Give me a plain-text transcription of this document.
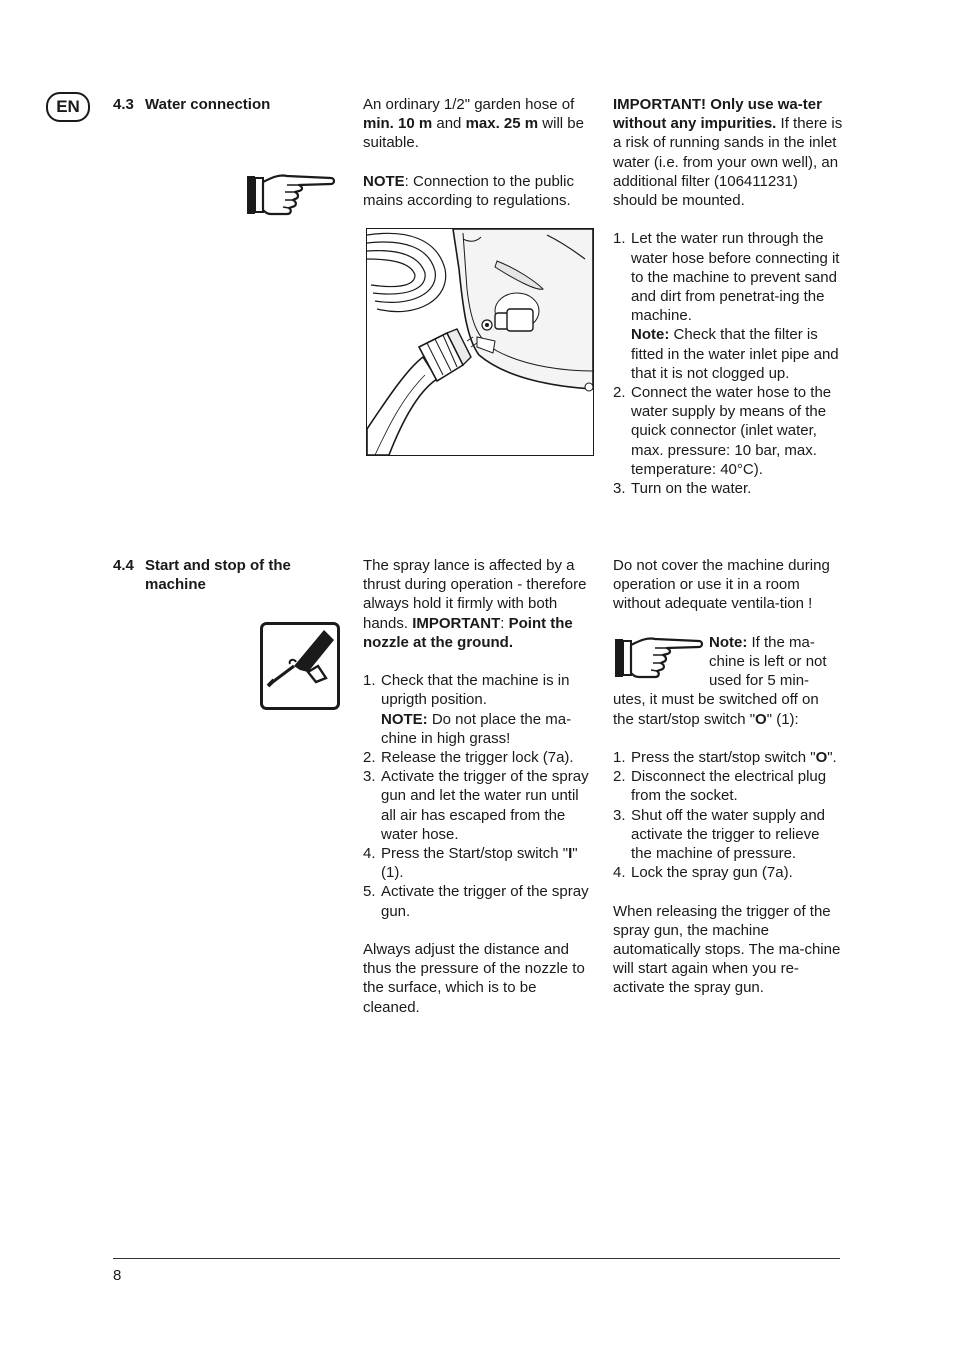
EN	4.3 Water connection	An ordinary 1/2" garden hose of min. 10 m and max. 25 m will be suitable.

NOTE: Connection to the public mains according to regulations.

IMPORTANT! Only use wa-ter without any impurities. If there is a risk of running sands in the inlet water (i.e. from your own well), an additional filter (106411231) should be mounted.

1. Let the water run through the water hose before connecting it to the machine to prevent sand and dirt from penetrat-ing the machine.
Note: Check that the filter is fitted in the water inlet pipe and that it is not clogged up.
2. Connect the water hose to the water supply by means of the quick connector (inlet water, max. pressure: 10 bar, max. temperature: 40°C).
3. Turn on the water.
4.4 Start and stop of the machine

The spray lance is affected by a thrust during operation - therefore always hold it firmly with both hands. IMPORTANT: Point the nozzle at the ground.

1. Check that the machine is in uprigth position.
NOTE: Do not place the ma-chine in high grass!
2. Release the trigger lock (7a).
3. Activate the trigger of the spray gun and let the water run until all air has escaped from the water hose.
4. Press the Start/stop switch "I" (1).
5. Activate the trigger of the spray gun.

Always adjust the distance and thus the pressure of the nozzle to the surface, which is to be cleaned.

Do not cover the machine during operation or use it in a room without adequate ventila-tion !

Note: If the ma-
chine is left or not
used for 5 min-

utes, it must be switched off on the start/stop switch "O" (1):

1. Press the start/stop switch "O".
2. Disconnect the electrical plug from the socket.
3. Shut off the water supply and activate the trigger to relieve the machine of pressure.
4. Lock the spray gun (7a).

When releasing the trigger of the spray gun, the machine automatically stops. The ma-chine will start again when you re-activate the spray gun.

8
